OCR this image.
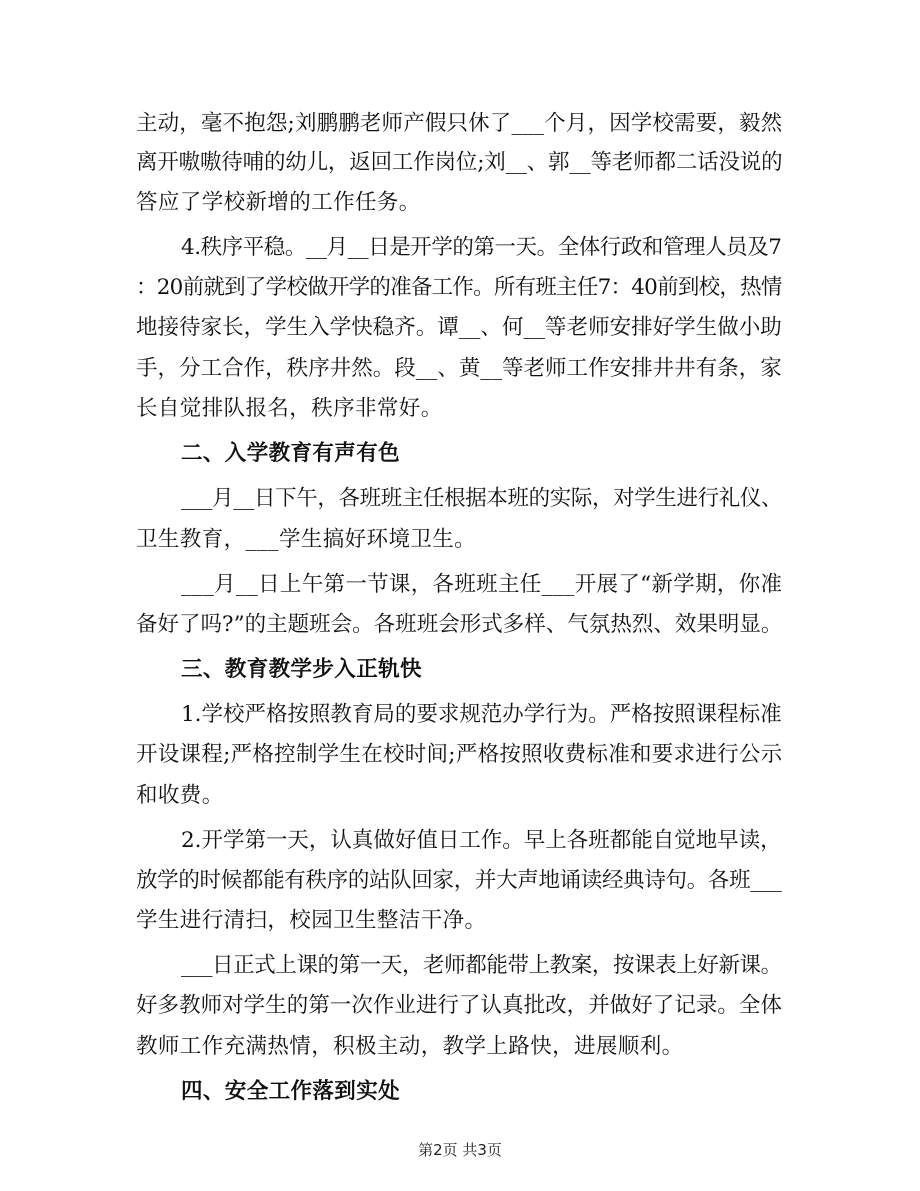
主动，毫不抱怨;刘鹏鹏老师产假只休了___个月，因学校需要，毅然
离开嗷嗷待哺的幼儿，返回工作岗位;刘__、郭__等老师都二话没说的
答应了学校新增的工作任务。
4.秩序平稳。__月__日是开学的第一天。全体行政和管理人员及7
：20前就到了学校做开学的准备工作。所有班主任7：40前到校，热情
地接待家长，学生入学快稳齐。谭__、何__等老师安排好学生做小助
手，分工合作，秩序井然。段__、黄__等老师工作安排井井有条，家
长自觉排队报名，秩序非常好。
二、入学教育有声有色
___月__日下午，各班班主任根据本班的实际，对学生进行礼仪、
卫生教育，___学生搞好环境卫生。
___月__日上午第一节课，各班班主任___开展了“新学期，你准
备好了吗?”的主题班会。各班班会形式多样、气氛热烈、效果明显。
三、教育教学步入正轨快
1.学校严格按照教育局的要求规范办学行为。严格按照课程标准
开设课程;严格控制学生在校时间;严格按照收费标准和要求进行公示
和收费。
2.开学第一天，认真做好值日工作。早上各班都能自觉地早读，
放学的时候都能有秩序的站队回家，并大声地诵读经典诗句。各班___
学生进行清扫，校园卫生整洁干净。
___日正式上课的第一天，老师都能带上教案，按课表上好新课。
好多教师对学生的第一次作业进行了认真批改，并做好了记录。全体
教师工作充满热情，积极主动，教学上路快，进展顺利。
四、安全工作落到实处
第2页 共3页
